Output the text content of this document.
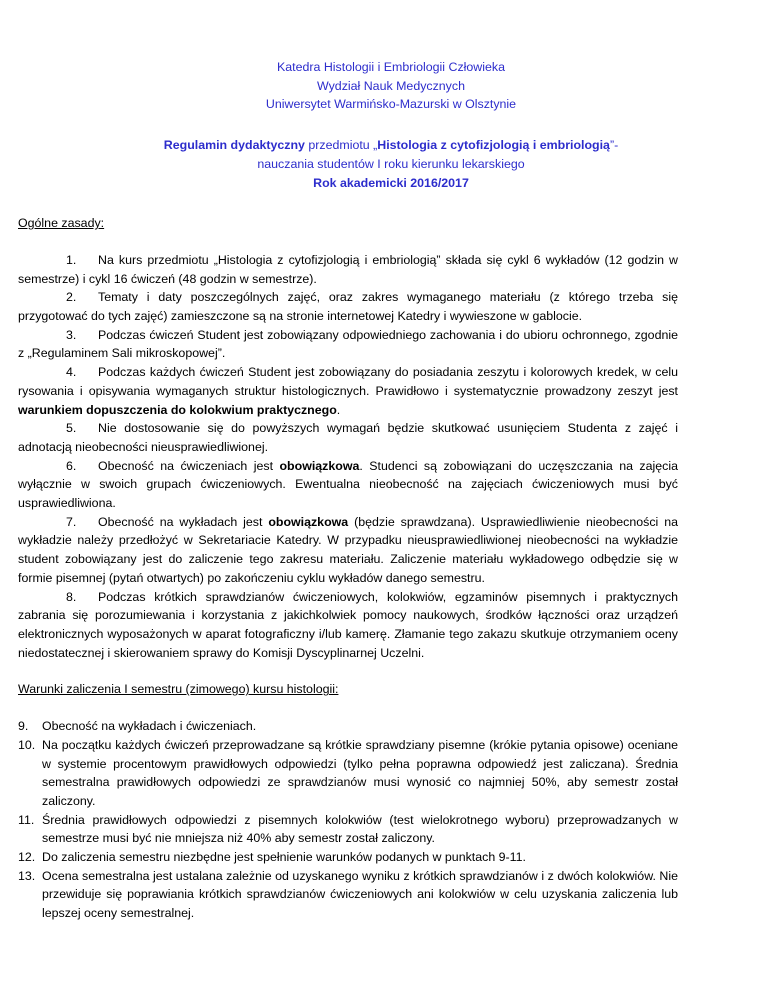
Katedra Histologii i Embriologii Człowieka
Wydział Nauk Medycznych
Uniwersytet Warmińsko-Mazurski w Olsztynie
Regulamin dydaktyczny przedmiotu „Histologia z cytofizjologią i embriologią”-
nauczania studentów I roku kierunku lekarskiego
Rok akademicki 2016/2017
Ogólne zasady:
1. Na kurs przedmiotu „Histologia z cytofizjologią i embriologią” składa się cykl 6 wykładów (12 godzin w semestrze) i cykl 16 ćwiczeń (48 godzin w semestrze).
2. Tematy i daty poszczególnych zajęć, oraz zakres wymaganego materiału (z którego trzeba się przygotować do tych zajęć) zamieszczone są na stronie internetowej Katedry i wywieszone w gablocie.
3. Podczas ćwiczeń Student jest zobowiązany odpowiedniego zachowania i do ubioru ochronnego, zgodnie z „Regulaminem Sali mikroskopowej”.
4. Podczas każdych ćwiczeń Student jest zobowiązany do posiadania zeszytu i kolorowych kredek, w celu rysowania i opisywania wymaganych struktur histologicznych. Prawidłowo i systematycznie prowadzony zeszyt jest warunkiem dopuszczenia do kolokwium praktycznego.
5. Nie dostosowanie się do powyższych wymagań będzie skutkować usunięciem Studenta z zajęć i adnotacją nieobecności nieusprawiedliwionej.
6. Obecność na ćwiczeniach jest obowiązkowa. Studenci są zobowiązani do uczęszczania na zajęcia wyłącznie w swoich grupach ćwiczeniowych. Ewentualna nieobecność na zajęciach ćwiczeniowych musi być usprawiedliwiona.
7. Obecność na wykładach jest obowiązkowa (będzie sprawdzana). Usprawiedliwienie nieobecności na wykładzie należy przedłożyć w Sekretariacie Katedry. W przypadku nieusprawiedliwionej nieobecności na wykładzie student zobowiązany jest do zaliczenie tego zakresu materiału. Zaliczenie materiału wykładowego odbędzie się w formie pisemnej (pytań otwartych) po zakończeniu cyklu wykładów danego semestru.
8. Podczas krótkich sprawdzianów ćwiczeniowych, kolokwiów, egzaminów pisemnych i praktycznych zabrania się porozumiewania i korzystania z jakichkolwiek pomocy naukowych, środków łączności oraz urządzeń elektronicznych wyposażonych w aparat fotograficzny i/lub kamerę. Złamanie tego zakazu skutkuje otrzymaniem oceny niedostatecznej i skierowaniem sprawy do Komisji Dyscyplinarnej Uczelni.
Warunki zaliczenia I semestru (zimowego) kursu histologii:
9. Obecność na wykładach i ćwiczeniach.
10. Na początku każdych ćwiczeń przeprowadzane są krótkie sprawdziany pisemne (krókie pytania opisowe) oceniane w systemie procentowym prawidłowych odpowiedzi (tylko pełna poprawna odpowiedź jest zaliczana). Średnia semestralna prawidłowych odpowiedzi ze sprawdzianów musi wynosić co najmniej 50%, aby semestr został zaliczony.
11. Średnia prawidłowych odpowiedzi z pisemnych kolokwiów (test wielokrotnego wyboru) przeprowadzanych w semestrze musi być nie mniejsza niż 40% aby semestr został zaliczony.
12. Do zaliczenia semestru niezbędne jest spełnienie warunków podanych w punktach 9-11.
13. Ocena semestralna jest ustalana zależnie od uzyskanego wyniku z krótkich sprawdzianów i z dwóch kolokwiów. Nie przewiduje się poprawiania krótkich sprawdzianów ćwiczeniowych ani kolokwiów w celu uzyskania zaliczenia lub lepszej oceny semestralnej.
